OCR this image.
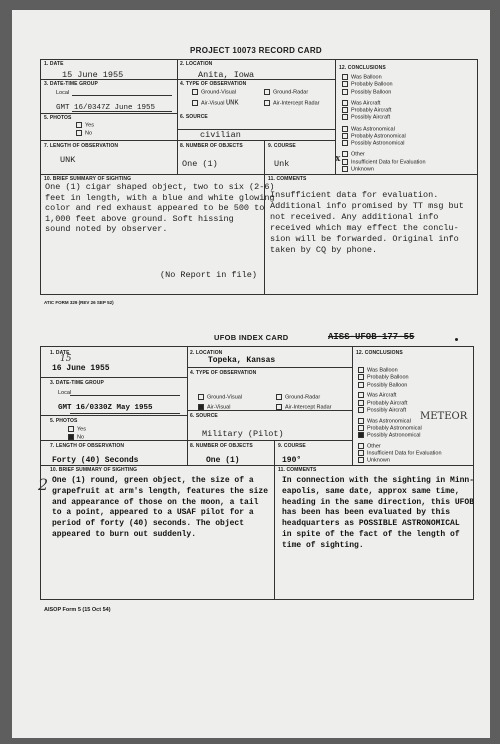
PROJECT 10073 RECORD CARD
1. DATE
15 June 1955
2. LOCATION
Anita, Iowa
3. DATE-TIME GROUP
Local
GMT 16/0347Z June 1955
4. TYPE OF OBSERVATION
Ground-Visual	Ground-Radar
Air-Visual UNK	Air-Intercept Radar
5. PHOTOS
Yes
No
6. SOURCE
civilian
7. LENGTH OF OBSERVATION
UNK
8. NUMBER OF OBJECTS
One (1)
9. COURSE
Unk
12. CONCLUSIONS
Was Balloon
Probably Balloon
Possibly Balloon
Was Aircraft
Probably Aircraft
Possibly Aircraft
Was Astronomical
Probably Astronomical
Possibly Astronomical
Other
Insufficient Data for Evaluation
Unknown
x
10. BRIEF SUMMARY OF SIGHTING
One (1) cigar shaped object, two to six (2-6)
feet in length, with a blue and white glowing
color and red exhaust appeared to be 500 to
1,000 feet above ground. Soft hissing
sound noted by observer.
(No Report in file)
11. COMMENTS
Insufficient data for evaluation.
Additional info promised by TT msg but
not received. Any additional info
received which may effect the conclu-
sion will be forwarded. Original info
taken by CQ by phone.
ATIC FORM 329 (REV 26 SEP 52)
UFOB INDEX CARD	AISS-UFOB-177-55
1. DATE
15
16 June 1955
2. LOCATION
Topeka, Kansas
3. DATE-TIME GROUP
Local
GMT 16/0330Z May 1955
4. TYPE OF OBSERVATION
Ground-Visual	Ground-Radar
Air-Visual	Air-Intercept Radar
5. PHOTOS
Yes
No
6. SOURCE
Military (Pilot)
7. LENGTH OF OBSERVATION
Forty (40) Seconds
8. NUMBER OF OBJECTS
One (1)
9. COURSE
190°
12. CONCLUSIONS
Was Balloon
Probably Balloon
Possibly Balloon
Was Aircraft
Probably Aircraft
Possibly Aircraft
Was Astronomical
Probably Astronomical
Possibly Astronomical
Other
Insufficient Data for Evaluation
Unknown
METEOR
10. BRIEF SUMMARY OF SIGHTING
2 One (1) round, green object, the size of a
grapefruit at arm's length, features the size
and appearance of those on the moon, a tail
to a point, appeared to a USAF pilot for a
period of forty (40) seconds. The object
appeared to burn out suddenly.
11. COMMENTS
In connection with the sighting in Minn-
eapolis, same date, approx same time,
heading in the same direction, this UFOB
has been has been evaluated by this
headquarters as POSSIBLE ASTRONOMICAL
in spite of the fact of the length of
time of sighting.
AISOP Form 5 (15 Oct 54)
